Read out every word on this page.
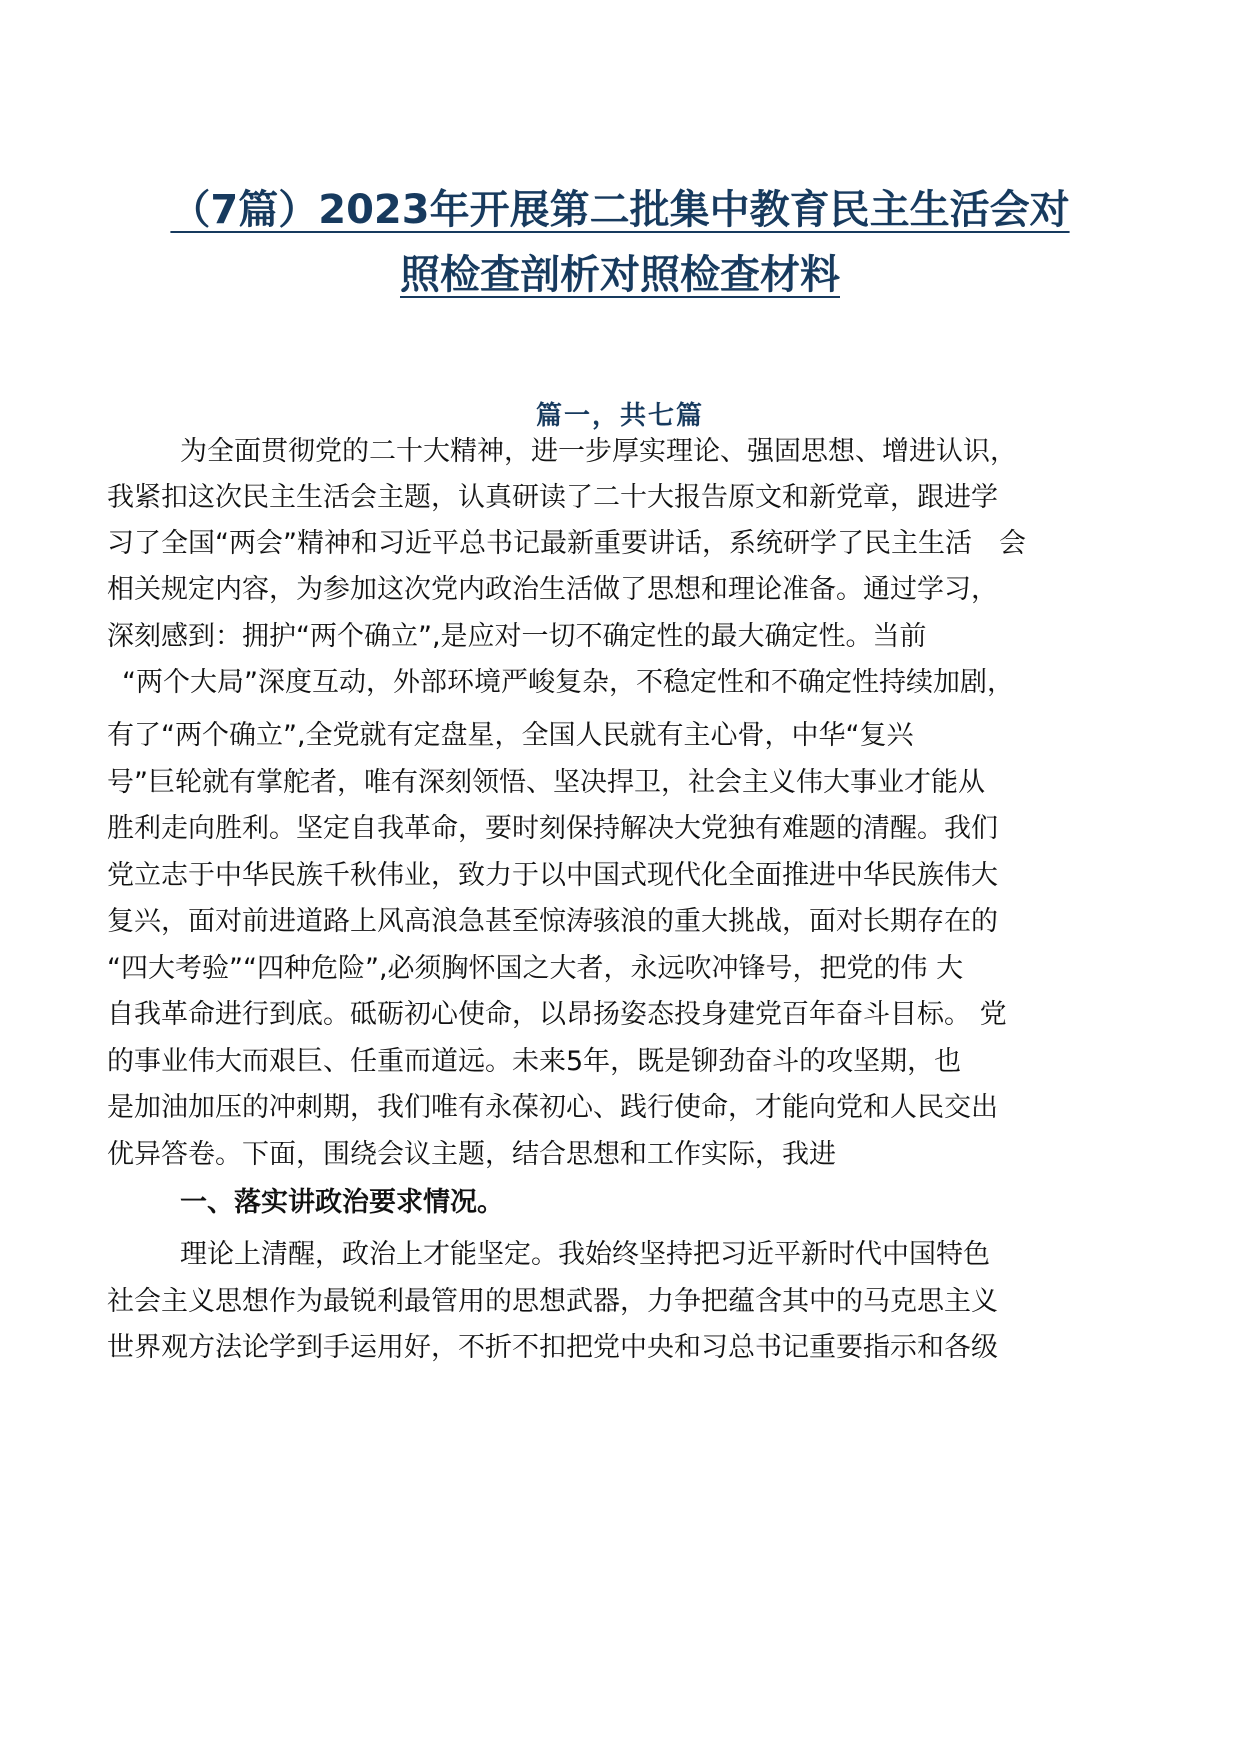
（7篇）2023年开展第二批集中教育民主生活会对
照检查剖析对照检查材料
篇一，共七篇
为全面贯彻党的二十大精神，进一步厚实理论、强固思想、增进认识，
我紧扣这次民主生活会主题，认真研读了二十大报告原文和新党章，跟进学
习了全国“两会”精神和习近平总书记最新重要讲话，系统研学了民主生活　会
相关规定内容，为参加这次党内政治生活做了思想和理论准备。通过学习，
深刻感到：拥护“两个确立”,是应对一切不确定性的最大确定性。当前
“两个大局”深度互动，外部环境严峻复杂，不稳定性和不确定性持续加剧，
有了“两个确立”,全党就有定盘星，全国人民就有主心骨，中华“复兴
号”巨轮就有掌舵者，唯有深刻领悟、坚决捍卫，社会主义伟大事业才能从
胜利走向胜利。坚定自我革命，要时刻保持解决大党独有难题的清醒。我们
党立志于中华民族千秋伟业，致力于以中国式现代化全面推进中华民族伟大
复兴，面对前进道路上风高浪急甚至惊涛骇浪的重大挑战，面对长期存在的
“四大考验”“四种危险”,必须胸怀国之大者，永远吹冲锋号，把党的伟 大
自我革命进行到底。砥砺初心使命，以昂扬姿态投身建党百年奋斗目标。 党
的事业伟大而艰巨、任重而道远。未来5年，既是铆劲奋斗的攻坚期，也
是加油加压的冲刺期，我们唯有永葆初心、践行使命，才能向党和人民交出
优异答卷。下面，围绕会议主题，结合思想和工作实际，我进
一、落实讲政治要求情况。
理论上清醒，政治上才能坚定。我始终坚持把习近平新时代中国特色
社会主义思想作为最锐利最管用的思想武器，力争把蕴含其中的马克思主义
世界观方法论学到手运用好，不折不扣把党中央和习总书记重要指示和各级
